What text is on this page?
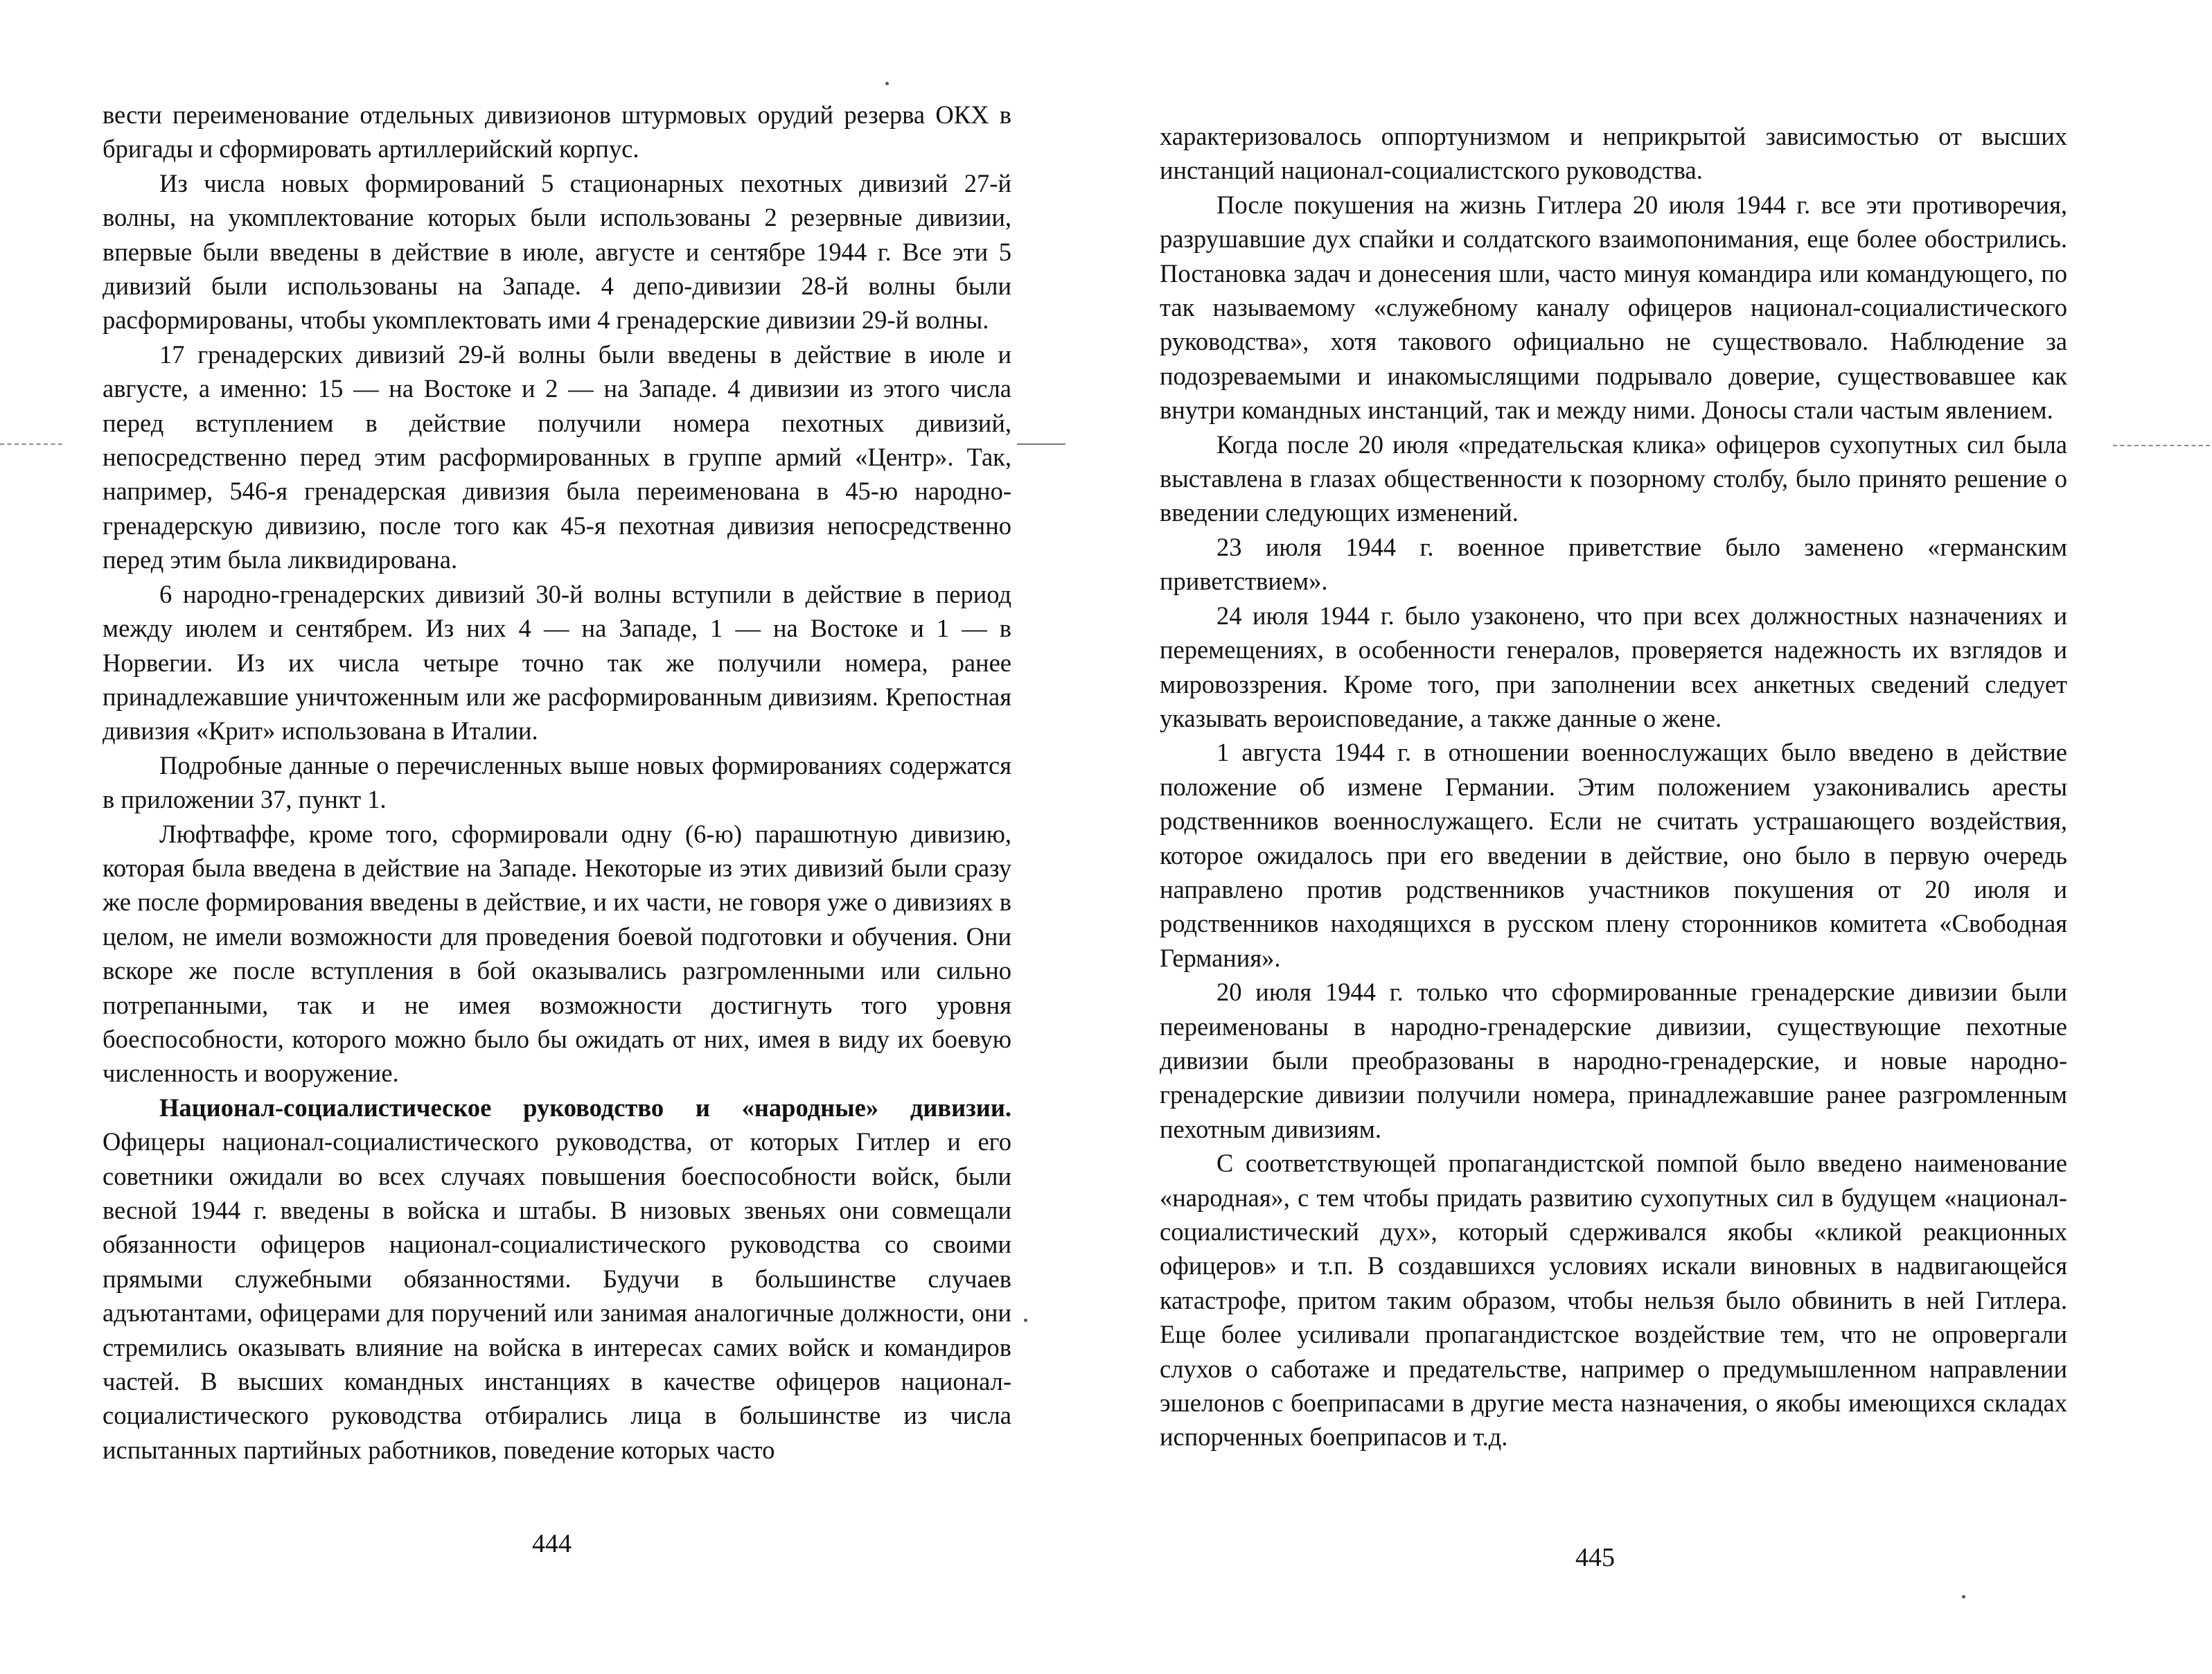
вести переименование отдельных дивизионов штурмовых орудий резерва ОКХ в бригады и сформировать артиллерийский корпус.

Из числа новых формирований 5 стационарных пехотных дивизий 27-й волны, на укомплектование которых были использованы 2 резервные дивизии, впервые были введены в действие в июле, августе и сентябре 1944 г. Все эти 5 дивизий были использованы на Западе. 4 депо-дивизии 28-й волны были расформированы, чтобы укомплектовать ими 4 гренадерские дивизии 29-й волны.

17 гренадерских дивизий 29-й волны были введены в действие в июле и августе, а именно: 15 — на Востоке и 2 — на Западе. 4 дивизии из этого числа перед вступлением в действие получили номера пехотных дивизий, непосредственно перед этим расформированных в группе армий «Центр». Так, например, 546-я гренадерская дивизия была переименована в 45-ю народно-гренадерскую дивизию, после того как 45-я пехотная дивизия непосредственно перед этим была ликвидирована.

6 народно-гренадерских дивизий 30-й волны вступили в действие в период между июлем и сентябрем. Из них 4 — на Западе, 1 — на Востоке и 1 — в Норвегии. Из их числа четыре точно так же получили номера, ранее принадлежавшие уничтоженным или же расформированным дивизиям. Крепостная дивизия «Крит» использована в Италии.

Подробные данные о перечисленных выше новых формированиях содержатся в приложении 37, пункт 1.

Люфтваффе, кроме того, сформировали одну (6-ю) парашютную дивизию, которая была введена в действие на Западе. Некоторые из этих дивизий были сразу же после формирования введены в действие, и их части, не говоря уже о дивизиях в целом, не имели возможности для проведения боевой подготовки и обучения. Они вскоре же после вступления в бой оказывались разгромленными или сильно потрепанными, так и не имея возможности достигнуть того уровня боеспособности, которого можно было бы ожидать от них, имея в виду их боевую численность и вооружение.

Национал-социалистическое руководство и «народные» дивизии. Офицеры национал-социалистического руководства, от которых Гитлер и его советники ожидали во всех случаях повышения боеспособности войск, были весной 1944 г. введены в войска и штабы. В низовых звеньях они совмещали обязанности офицеров национал-социалистического руководства со своими прямыми служебными обязанностями. Будучи в большинстве случаев адъютантами, офицерами для поручений или занимая аналогичные должности, они стремились оказывать влияние на войска в интересах самих войск и командиров частей. В высших командных инстанциях в качестве офицеров национал-социалистического руководства отбирались лица в большинстве из числа испытанных партийных работников, поведение которых часто

444

характеризовалось оппортунизмом и неприкрытой зависимостью от высших инстанций национал-социалистского руководства.

После покушения на жизнь Гитлера 20 июля 1944 г. все эти противоречия, разрушавшие дух спайки и солдатского взаимопонимания, еще более обострились. Постановка задач и донесения шли, часто минуя командира или командующего, по так называемому «служебному каналу офицеров национал-социалистического руководства», хотя такового официально не существовало. Наблюдение за подозреваемыми и инакомыслящими подрывало доверие, существовавшее как внутри командных инстанций, так и между ними. Доносы стали частым явлением.

Когда после 20 июля «предательская клика» офицеров сухопутных сил была выставлена в глазах общественности к позорному столбу, было принято решение о введении следующих изменений.

23 июля 1944 г. военное приветствие было заменено «германским приветствием».

24 июля 1944 г. было узаконено, что при всех должностных назначениях и перемещениях, в особенности генералов, проверяется надежность их взглядов и мировоззрения. Кроме того, при заполнении всех анкетных сведений следует указывать вероисповедание, а также данные о жене.

1 августа 1944 г. в отношении военнослужащих было введено в действие положение об измене Германии. Этим положением узаконивались аресты родственников военнослужащего. Если не считать устрашающего воздействия, которое ожидалось при его введении в действие, оно было в первую очередь направлено против родственников участников покушения от 20 июля и родственников находящихся в русском плену сторонников комитета «Свободная Германия».

20 июля 1944 г. только что сформированные гренадерские дивизии были переименованы в народно-гренадерские дивизии, существующие пехотные дивизии были преобразованы в народно-гренадерские, и новые народно-гренадерские дивизии получили номера, принадлежавшие ранее разгромленным пехотным дивизиям.

С соответствующей пропагандистской помпой было введено наименование «народная», с тем чтобы придать развитию сухопутных сил в будущем «национал-социалистический дух», который сдерживался якобы «кликой реакционных офицеров» и т.п. В создавшихся условиях искали виновных в надвигающейся катастрофе, притом таким образом, чтобы нельзя было обвинить в ней Гитлера. Еще более усиливали пропагандистское воздействие тем, что не опровергали слухов о саботаже и предательстве, например о предумышленном направлении эшелонов с боеприпасами в другие места назначения, о якобы имеющихся складах испорченных боеприпасов и т.д.

445
